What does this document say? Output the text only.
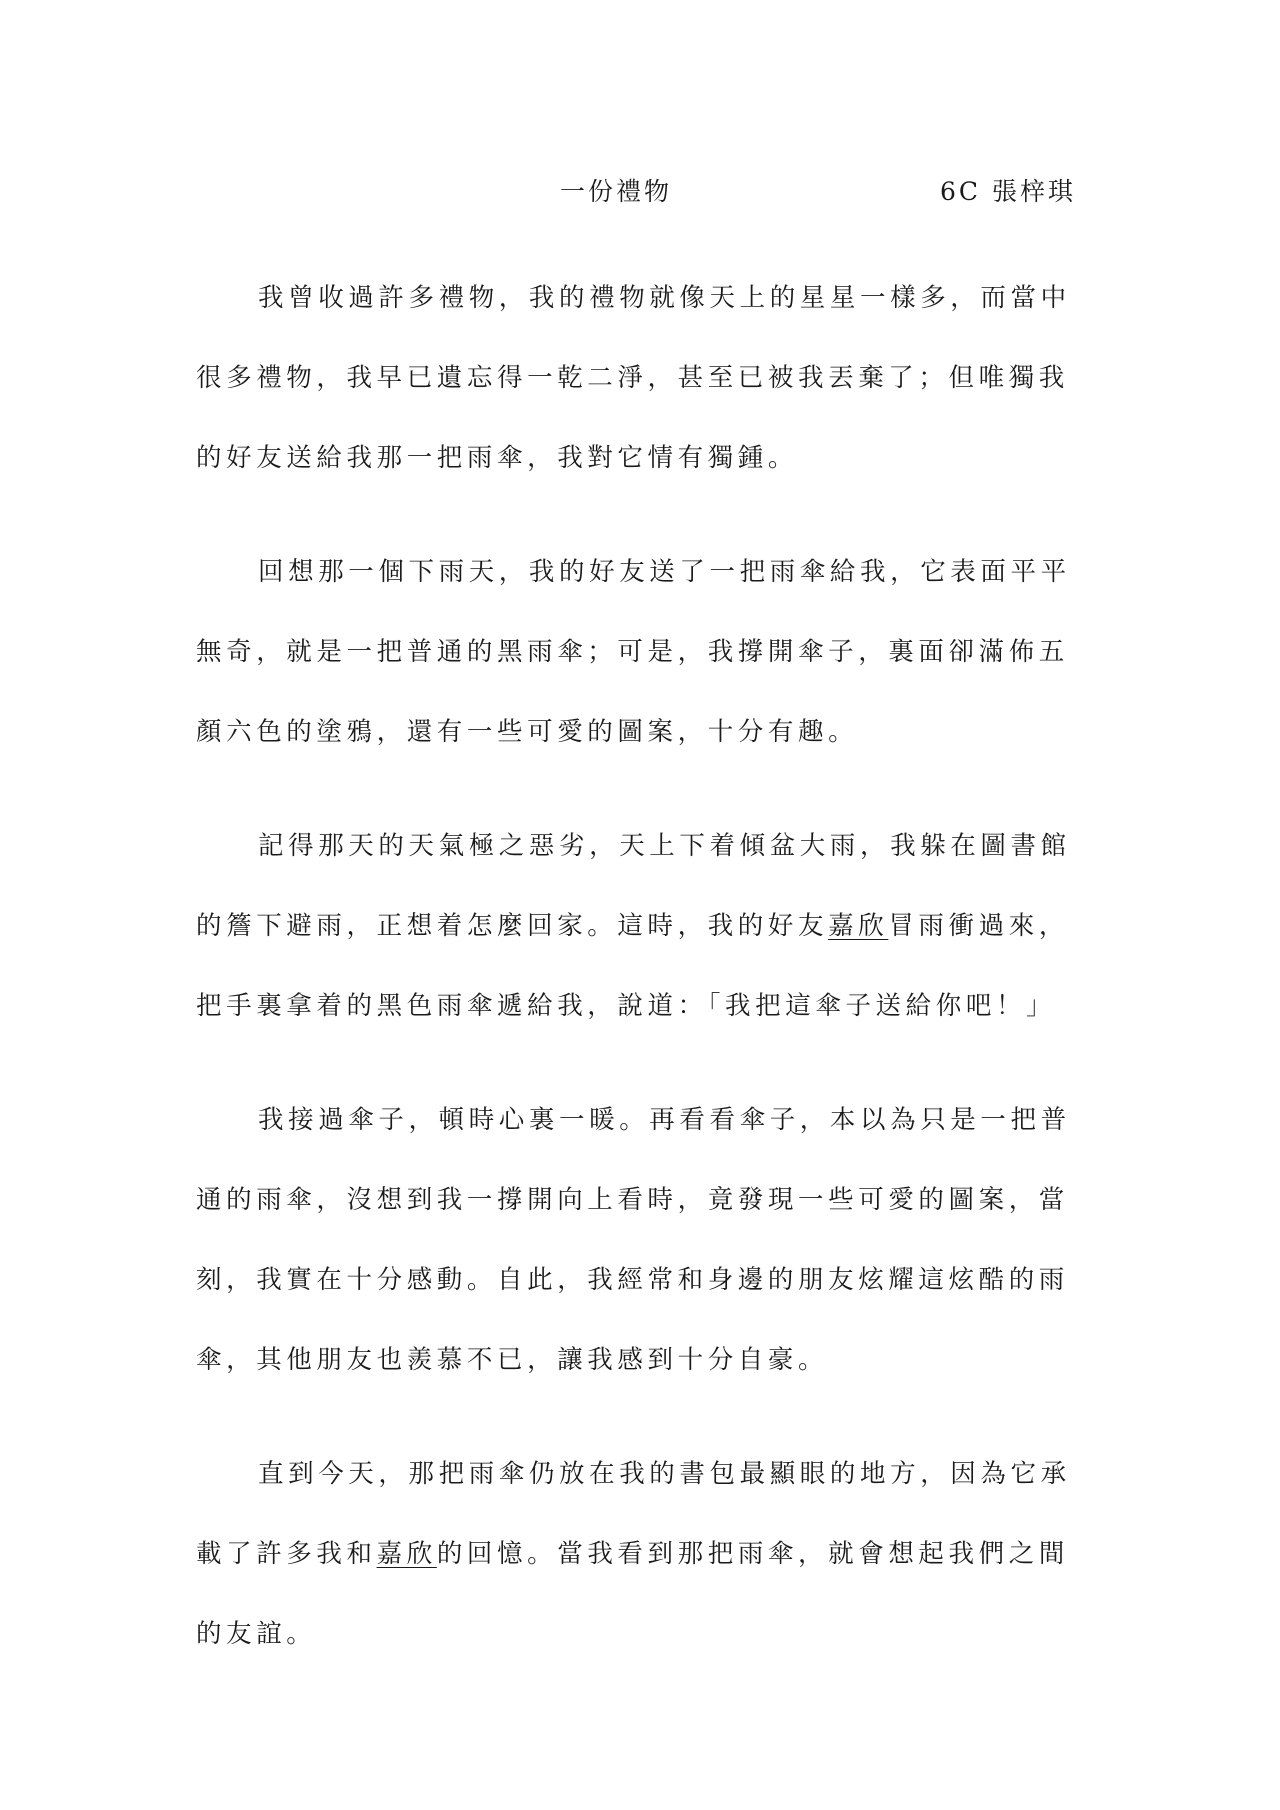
一份禮物	6C 張梓琪
我曾收過許多禮物，我的禮物就像天上的星星一樣多，而當中
很多禮物，我早已遺忘得一乾二淨，甚至已被我丟棄了；但唯獨我
的好友送給我那一把雨傘，我對它情有獨鍾。
回想那一個下雨天，我的好友送了一把雨傘給我，它表面平平
無奇，就是一把普通的黑雨傘；可是，我撐開傘子，裏面卻滿佈五
顏六色的塗鴉，還有一些可愛的圖案，十分有趣。
記得那天的天氣極之惡劣，天上下着傾盆大雨，我躲在圖書館
的簷下避雨，正想着怎麼回家。這時，我的好友嘉欣冒雨衝過來，
把手裏拿着的黑色雨傘遞給我，說道：「我把這傘子送給你吧！」
我接過傘子，頓時心裏一暖。再看看傘子，本以為只是一把普
通的雨傘，沒想到我一撐開向上看時，竟發現一些可愛的圖案，當
刻，我實在十分感動。自此，我經常和身邊的朋友炫耀這炫酷的雨
傘，其他朋友也羨慕不已，讓我感到十分自豪。
直到今天，那把雨傘仍放在我的書包最顯眼的地方，因為它承
載了許多我和嘉欣的回憶。當我看到那把雨傘，就會想起我們之間
的友誼。
